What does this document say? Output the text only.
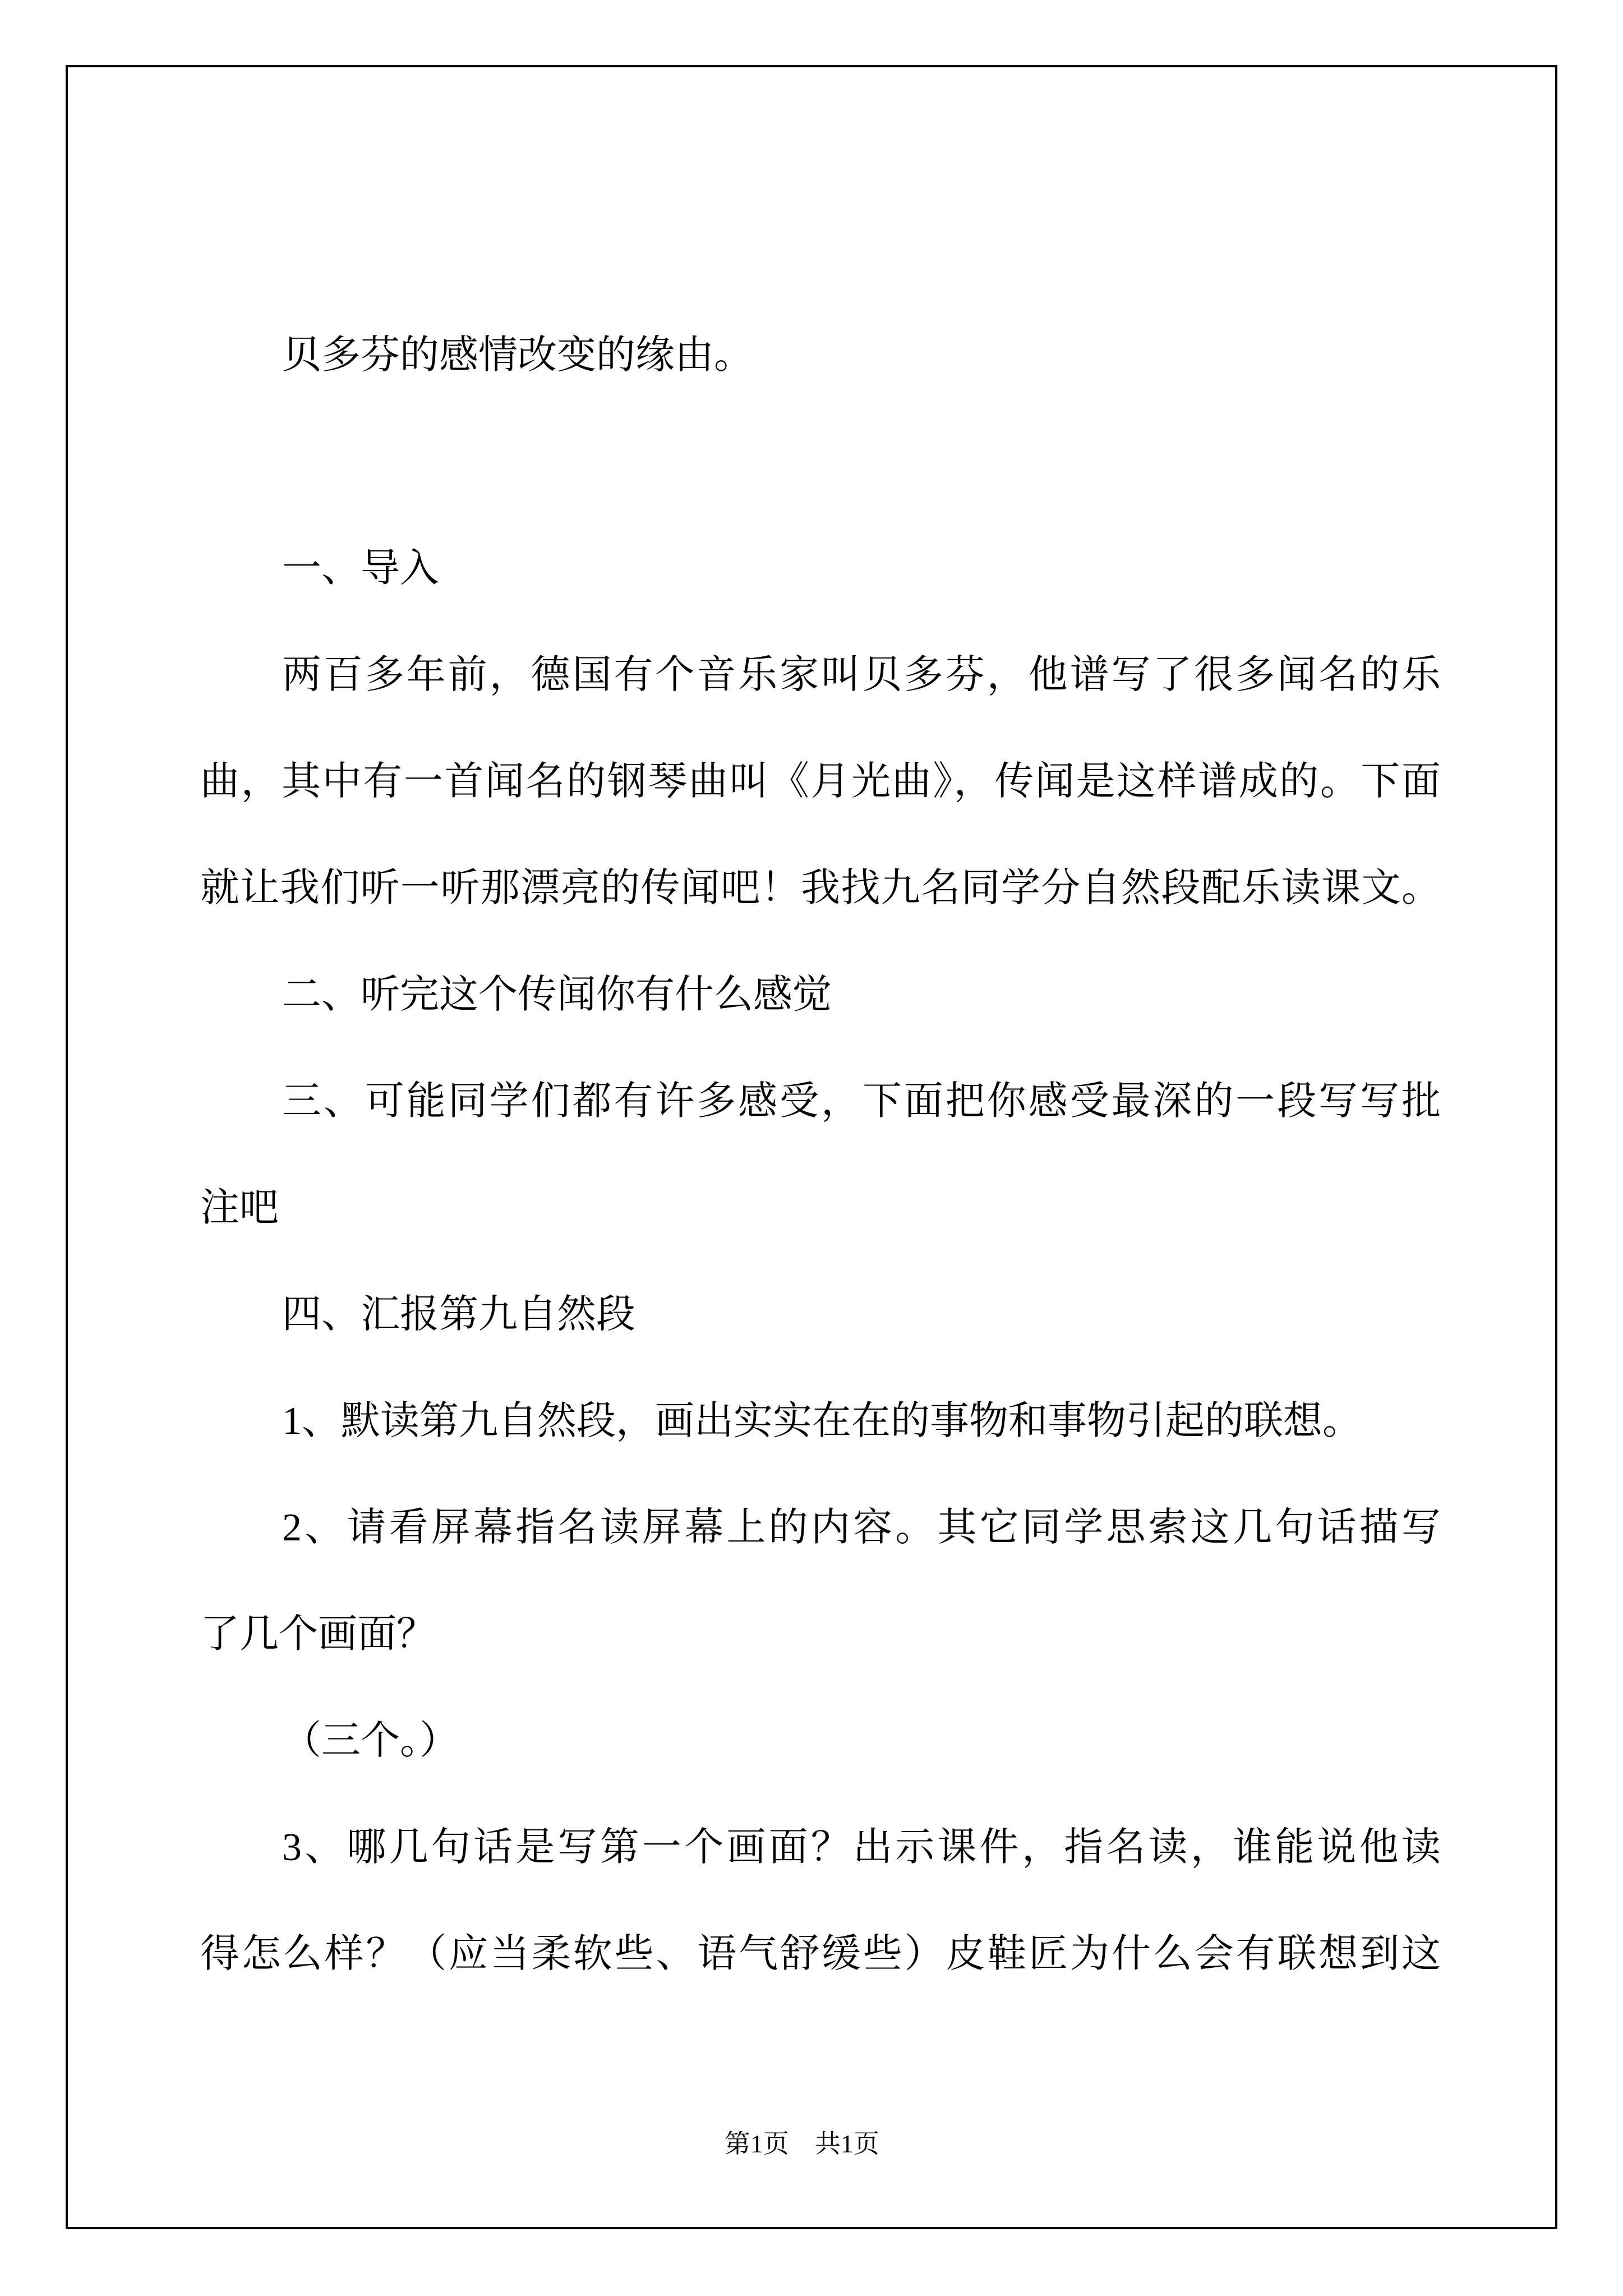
贝多芬的感情改变的缘由。
一、导入
两百多年前，德国有个音乐家叫贝多芬，他谱写了很多闻名的乐
曲，其中有一首闻名的钢琴曲叫《月光曲》，传闻是这样谱成的。下面
就让我们听一听那漂亮的传闻吧！我找九名同学分自然段配乐读课文。
二、听完这个传闻你有什么感觉
三、可能同学们都有许多感受，下面把你感受最深的一段写写批
注吧
四、汇报第九自然段
1、默读第九自然段，画出实实在在的事物和事物引起的联想。
2、请看屏幕指名读屏幕上的内容。其它同学思索这几句话描写
了几个画面？
（三个。）
3、哪几句话是写第一个画面？出示课件，指名读，谁能说他读
得怎么样？（应当柔软些、语气舒缓些）皮鞋匠为什么会有联想到这
第1页　共1页
